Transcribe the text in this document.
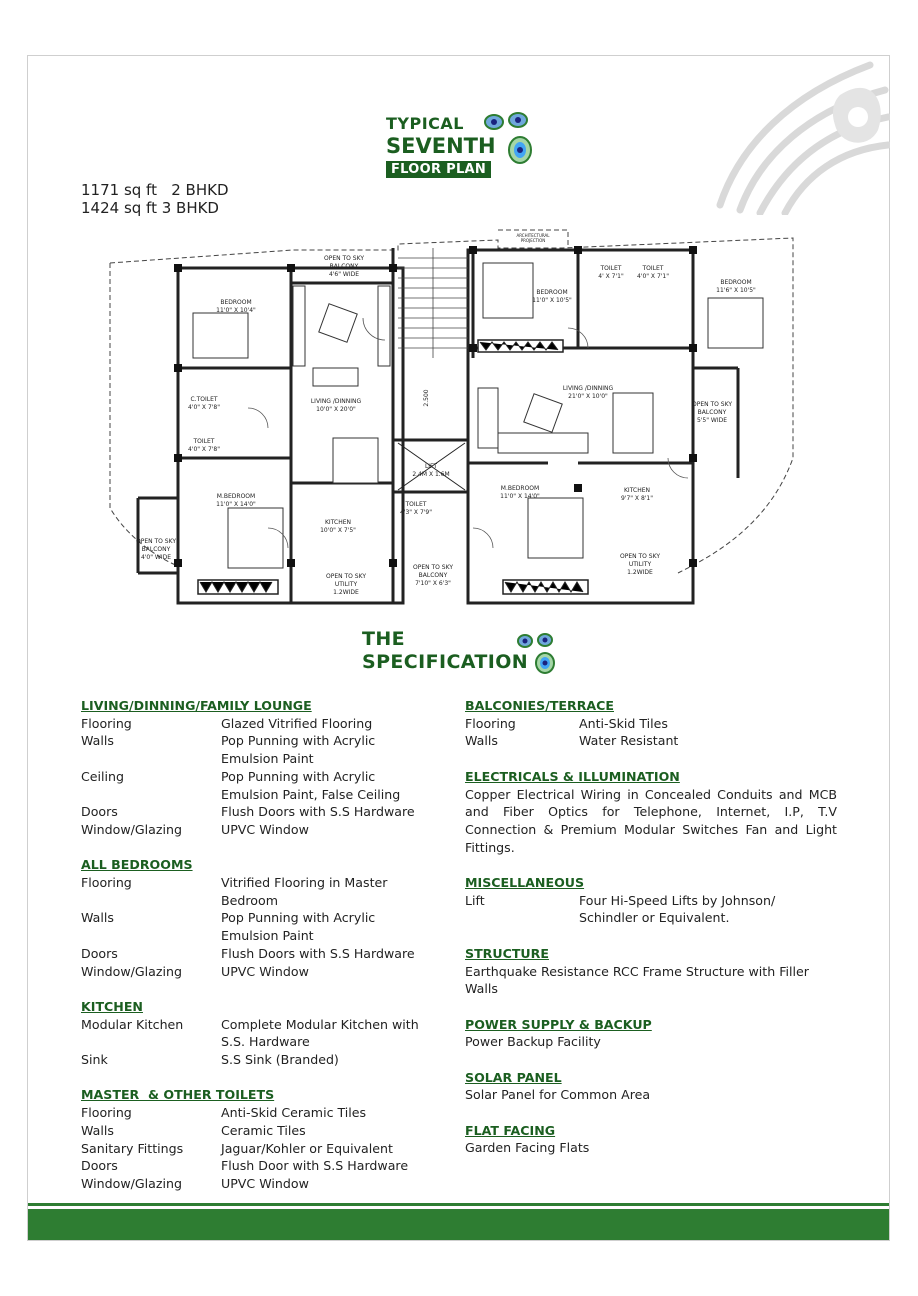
TYPICAL
SEVENTH
FLOOR PLAN
1171 sq ft   2 BHKD
1424 sq ft 3 BHKD
OPEN TO SKY
BALCONY
4'6" WIDE
ARCHITECTURAL
PROJECTION
BEDROOM
11'0" X 10'4"
BEDROOM
11'0" X 10'5"
TOILET
4' X 7'1"
TOILET
4'0" X 7'1"
BEDROOM
11'6" X 10'5"
C.TOILET
4'0" X 7'8"
TOILET
4'0" X 7'8"
LIVING /DINNING
10'0" X 20'0"
2.500
LIVING /DINNING
21'0" X 10'0"
OPEN TO SKY
BALCONY
5'5" WIDE
LIFT
2.4M X 1.6M
M.BEDROOM
11'0" X 14'0"	TOILET
4'3" X 7'9"
M.BEDROOM
11'0" X 14'0"
KITCHEN
9'7" X 8'1"
KITCHEN
10'0" X 7'5"
OPEN TO SKY
BALCONY
4'0" WIDE
OPEN TO SKY
UTILITY
1.2WIDE
OPEN TO SKY
BALCONY
7'10" X 6'3"
OPEN TO SKY
UTILITY
1.2WIDE
THE
SPECIFICATION

LIVING/DINNING/FAMILY LOUNGE

Flooring	Glazed Vitrified Flooring
Walls	Pop Punning with Acrylic
Emulsion Paint
Ceiling	Pop Punning with Acrylic
Emulsion Paint, False Ceiling
Doors	Flush Doors with S.S Hardware
Window/Glazing	UPVC Window

ALL BEDROOMS

Flooring	Vitrified Flooring in Master
Bedroom
Walls	Pop Punning with Acrylic
Emulsion Paint
Doors	Flush Doors with S.S Hardware
Window/Glazing	UPVC Window

KITCHEN

Modular Kitchen	Complete Modular Kitchen with
S.S. Hardware
Sink	S.S Sink (Branded)

MASTER  & OTHER TOILETS

Flooring	Anti-Skid Ceramic Tiles
Walls	Ceramic Tiles
Sanitary Fittings	Jaguar/Kohler or Equivalent
Doors	Flush Door with S.S Hardware
Window/Glazing	UPVC Window

BALCONIES/TERRACE

Flooring	Anti-Skid Tiles
Walls	Water Resistant

ELECTRICALS & ILLUMINATION

Copper Electrical Wiring in Concealed Conduits and MCB and Fiber Optics for Telephone, Internet, I.P, T.V Connection & Premium Modular Switches Fan and Light Fittings.

MISCELLANEOUS

Lift	Four Hi-Speed Lifts by Johnson/
Schindler or Equivalent.

STRUCTURE

Earthquake Resistance RCC Frame Structure with Filler Walls

POWER SUPPLY & BACKUP

Power Backup Facility

SOLAR PANEL

Solar Panel for Common Area

FLAT FACING

Garden Facing Flats
